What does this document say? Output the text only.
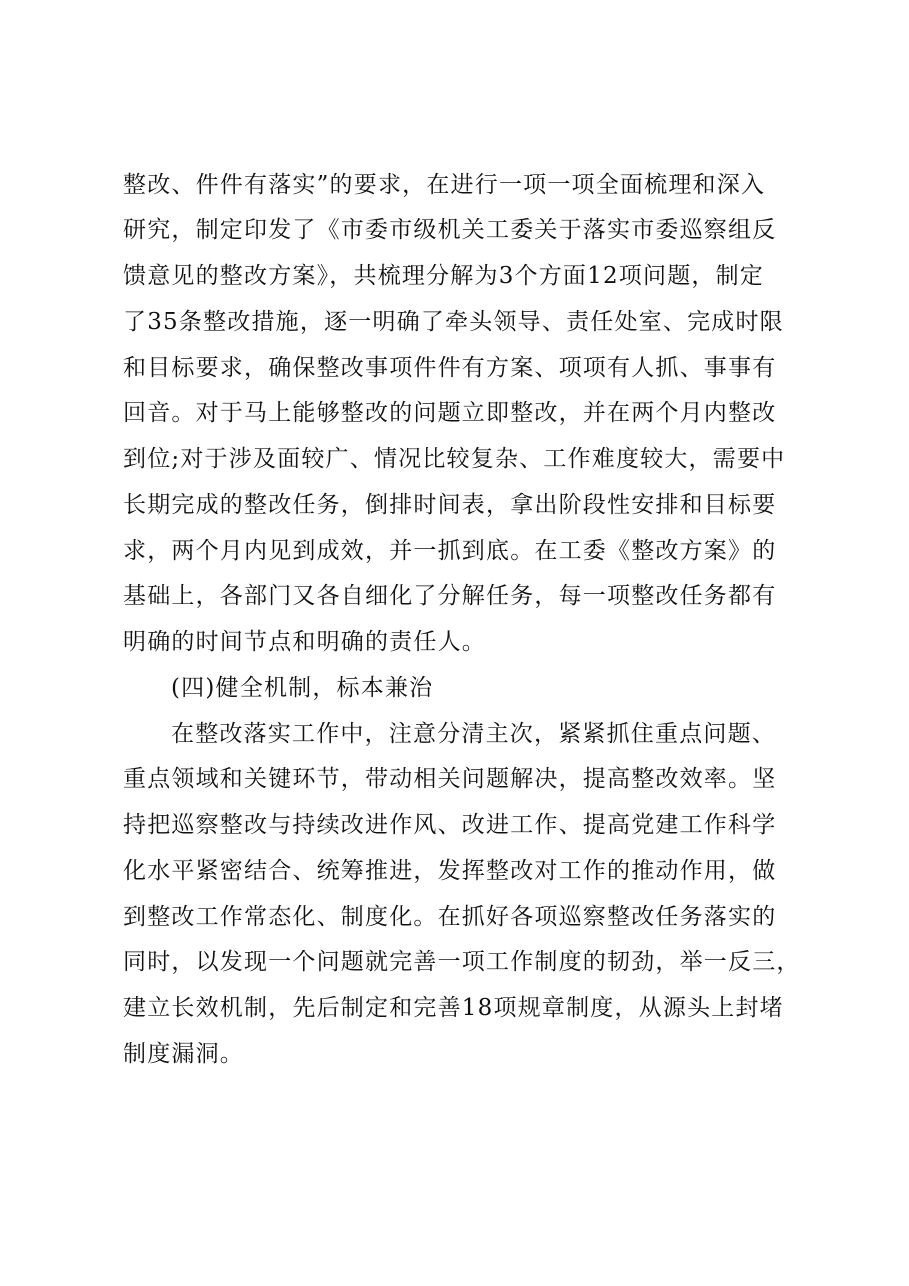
整改、件件有落实”的要求，在进行一项一项全面梳理和深入
研究，制定印发了《市委市级机关工委关于落实市委巡察组反
馈意见的整改方案》，共梳理分解为3个方面12项问题，制定
了35条整改措施，逐一明确了牵头领导、责任处室、完成时限
和目标要求，确保整改事项件件有方案、项项有人抓、事事有
回音。对于马上能够整改的问题立即整改，并在两个月内整改
到位;对于涉及面较广、情况比较复杂、工作难度较大，需要中
长期完成的整改任务，倒排时间表，拿出阶段性安排和目标要
求，两个月内见到成效，并一抓到底。在工委《整改方案》的
基础上，各部门又各自细化了分解任务，每一项整改任务都有
明确的时间节点和明确的责任人。
(四)健全机制，标本兼治
在整改落实工作中，注意分清主次，紧紧抓住重点问题、
重点领域和关键环节，带动相关问题解决，提高整改效率。坚
持把巡察整改与持续改进作风、改进工作、提高党建工作科学
化水平紧密结合、统筹推进，发挥整改对工作的推动作用，做
到整改工作常态化、制度化。在抓好各项巡察整改任务落实的
同时，以发现一个问题就完善一项工作制度的韧劲，举一反三，
建立长效机制，先后制定和完善18项规章制度，从源头上封堵
制度漏洞。
